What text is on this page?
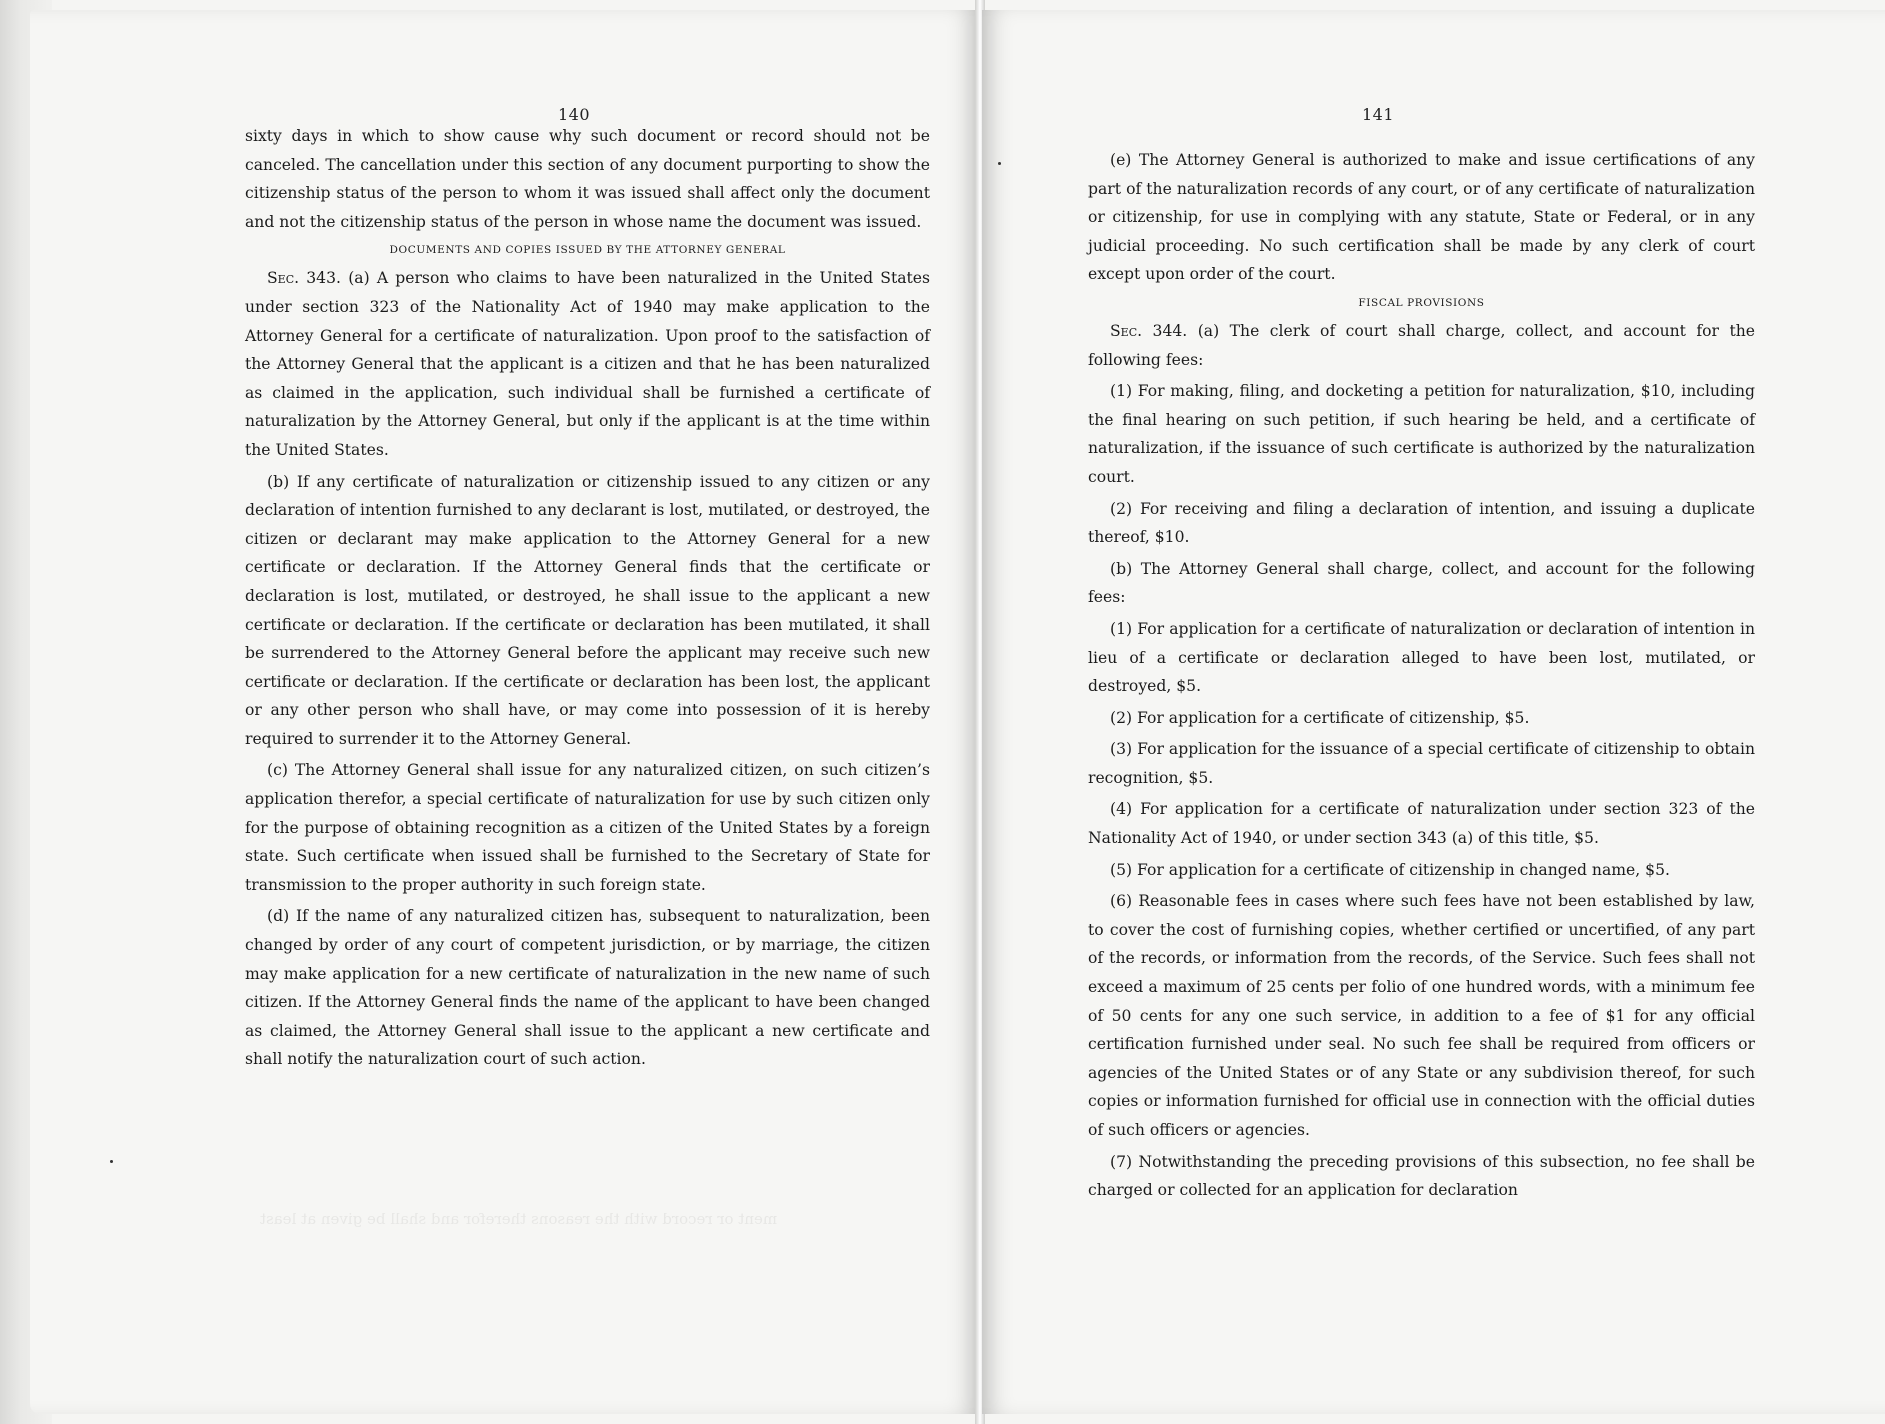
ment or record with the reasons therefor and shall be given at least
140

sixty days in which to show cause why such document or record should not be canceled. The cancellation under this section of any document purporting to show the citizenship status of the person to whom it was issued shall affect only the document and not the citizenship status of the person in whose name the document was issued.

DOCUMENTS AND COPIES ISSUED BY THE ATTORNEY GENERAL

Sec. 343. (a) A person who claims to have been naturalized in the United States under section 323 of the Nationality Act of 1940 may make application to the Attorney General for a certificate of naturalization. Upon proof to the satisfaction of the Attorney General that the applicant is a citizen and that he has been naturalized as claimed in the application, such individual shall be furnished a certificate of naturalization by the Attorney General, but only if the applicant is at the time within the United States.

(b) If any certificate of naturalization or citizenship issued to any citizen or any declaration of intention furnished to any declarant is lost, mutilated, or destroyed, the citizen or declarant may make application to the Attorney General for a new certificate or declaration. If the Attorney General finds that the certificate or declaration is lost, mutilated, or destroyed, he shall issue to the applicant a new certificate or declaration. If the certificate or declaration has been mutilated, it shall be surrendered to the Attorney General before the applicant may receive such new certificate or declaration. If the certificate or declaration has been lost, the applicant or any other person who shall have, or may come into possession of it is hereby required to surrender it to the Attorney General.

(c) The Attorney General shall issue for any naturalized citizen, on such citizen’s application therefor, a special certificate of naturalization for use by such citizen only for the purpose of obtaining recognition as a citizen of the United States by a foreign state. Such certificate when issued shall be furnished to the Secretary of State for transmission to the proper authority in such foreign state.

(d) If the name of any naturalized citizen has, subsequent to naturalization, been changed by order of any court of competent jurisdiction, or by marriage, the citizen may make application for a new certificate of naturalization in the new name of such citizen. If the Attorney General finds the name of the applicant to have been changed as claimed, the Attorney General shall issue to the applicant a new certificate and shall notify the naturalization court of such action.

141

(e) The Attorney General is authorized to make and issue certifications of any part of the naturalization records of any court, or of any certificate of naturalization or citizenship, for use in complying with any statute, State or Federal, or in any judicial proceeding. No such certification shall be made by any clerk of court except upon order of the court.

FISCAL PROVISIONS

Sec. 344. (a) The clerk of court shall charge, collect, and account for the following fees:

(1) For making, filing, and docketing a petition for naturalization, $10, including the final hearing on such petition, if such hearing be held, and a certificate of naturalization, if the issuance of such certificate is authorized by the naturalization court.

(2) For receiving and filing a declaration of intention, and issuing a duplicate thereof, $10.

(b) The Attorney General shall charge, collect, and account for the following fees:

(1) For application for a certificate of naturalization or declaration of intention in lieu of a certificate or declaration alleged to have been lost, mutilated, or destroyed, $5.

(2) For application for a certificate of citizenship, $5.

(3) For application for the issuance of a special certificate of citizenship to obtain recognition, $5.

(4) For application for a certificate of naturalization under section 323 of the Nationality Act of 1940, or under section 343 (a) of this title, $5.

(5) For application for a certificate of citizenship in changed name, $5.

(6) Reasonable fees in cases where such fees have not been established by law, to cover the cost of furnishing copies, whether certified or uncertified, of any part of the records, or information from the records, of the Service. Such fees shall not exceed a maximum of 25 cents per folio of one hundred words, with a minimum fee of 50 cents for any one such service, in addition to a fee of $1 for any official certification furnished under seal. No such fee shall be required from officers or agencies of the United States or of any State or any subdivision thereof, for such copies or information furnished for official use in connection with the official duties of such officers or agencies.

(7) Notwithstanding the preceding provisions of this subsection, no fee shall be charged or collected for an application for declaration
